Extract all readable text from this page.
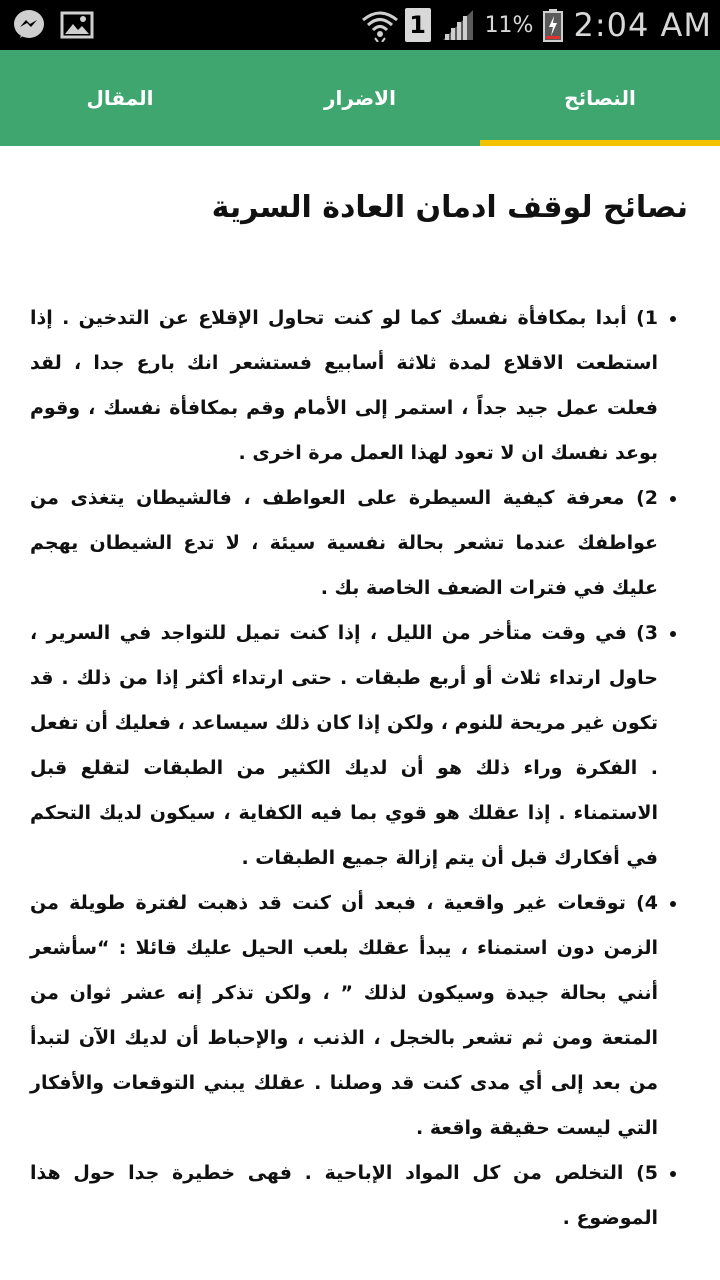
1	11% 2:04 AM
النصائح
الاضرار
المقال
نصائح لوقف ادمان العادة السرية
• 1) أبدا بمكافأة نفسك كما لو كنت تحاول الإقلاع عن التدخين . إذا استطعت الاقلاع لمدة ثلاثة أسابيع فستشعر انك بارع جدا ، لقد فعلت عمل جيد جداً ، استمر إلى الأمام وقم بمكافأة نفسك ، وقوم بوعد نفسك ان لا تعود لهذا العمل مرة اخرى .
• 2) معرفة كيفية السيطرة على العواطف ، فالشيطان يتغذى من عواطفك عندما تشعر بحالة نفسية سيئة ، لا تدع الشيطان يهجم عليك في فترات الضعف الخاصة بك .
• 3) في وقت متأخر من الليل ، إذا كنت تميل للتواجد في السرير ، حاول ارتداء ثلاث أو أربع طبقات . حتى ارتداء أكثر إذا من ذلك . قد تكون غير مريحة للنوم ، ولكن إذا كان ذلك سيساعد ، فعليك أن تفعل . الفكرة وراء ذلك هو أن لديك الكثير من الطبقات لتقلع قبل الاستمناء . إذا عقلك هو قوي بما فيه الكفاية ، سيكون لديك التحكم في أفكارك قبل أن يتم إزالة جميع الطبقات .
• 4) توقعات غير واقعية ، فبعد أن كنت قد ذهبت لفترة طويلة من الزمن دون استمناء ، يبدأ عقلك بلعب الحيل عليك قائلا : “سأشعر أنني بحالة جيدة وسيكون لذلك ” ، ولكن تذكر إنه عشر ثوان من المتعة ومن ثم تشعر بالخجل ، الذنب ، والإحباط أن لديك الآن لتبدأ من بعد إلى أي مدى كنت قد وصلنا . عقلك يبني التوقعات والأفكار التي ليست حقيقة واقعة .
• 5) التخلص من كل المواد الإباحية . فهى خطيرة جدا حول هذا الموضوع .
